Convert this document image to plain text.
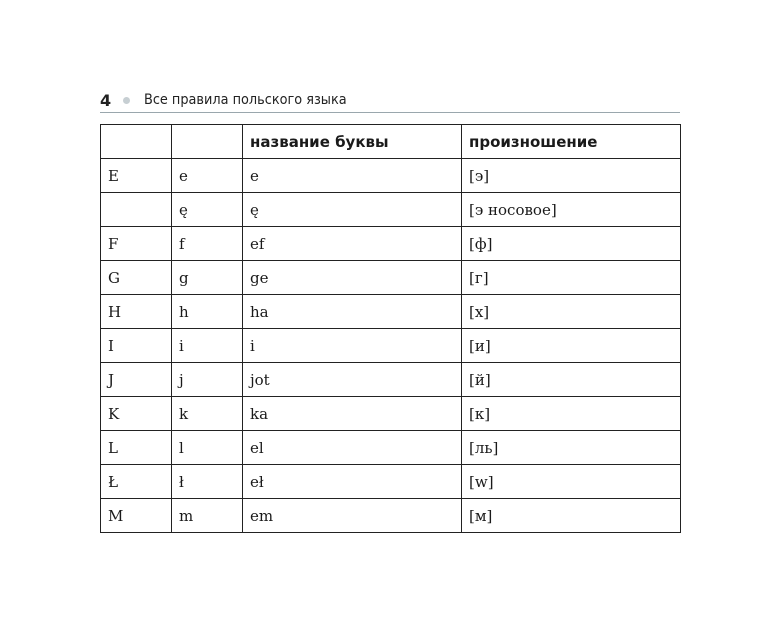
4 Все правила польского языка
		название буквы	произношение
E	e	e	[э]
	ę	ę	[э носовое]
F	f	ef	[ф]
G	g	ge	[г]
H	h	ha	[х]
I	i	i	[и]
J	j	jot	[й]
K	k	ka	[к]
L	l	el	[ль]
Ł	ł	eł	[w]
M	m	em	[м]
